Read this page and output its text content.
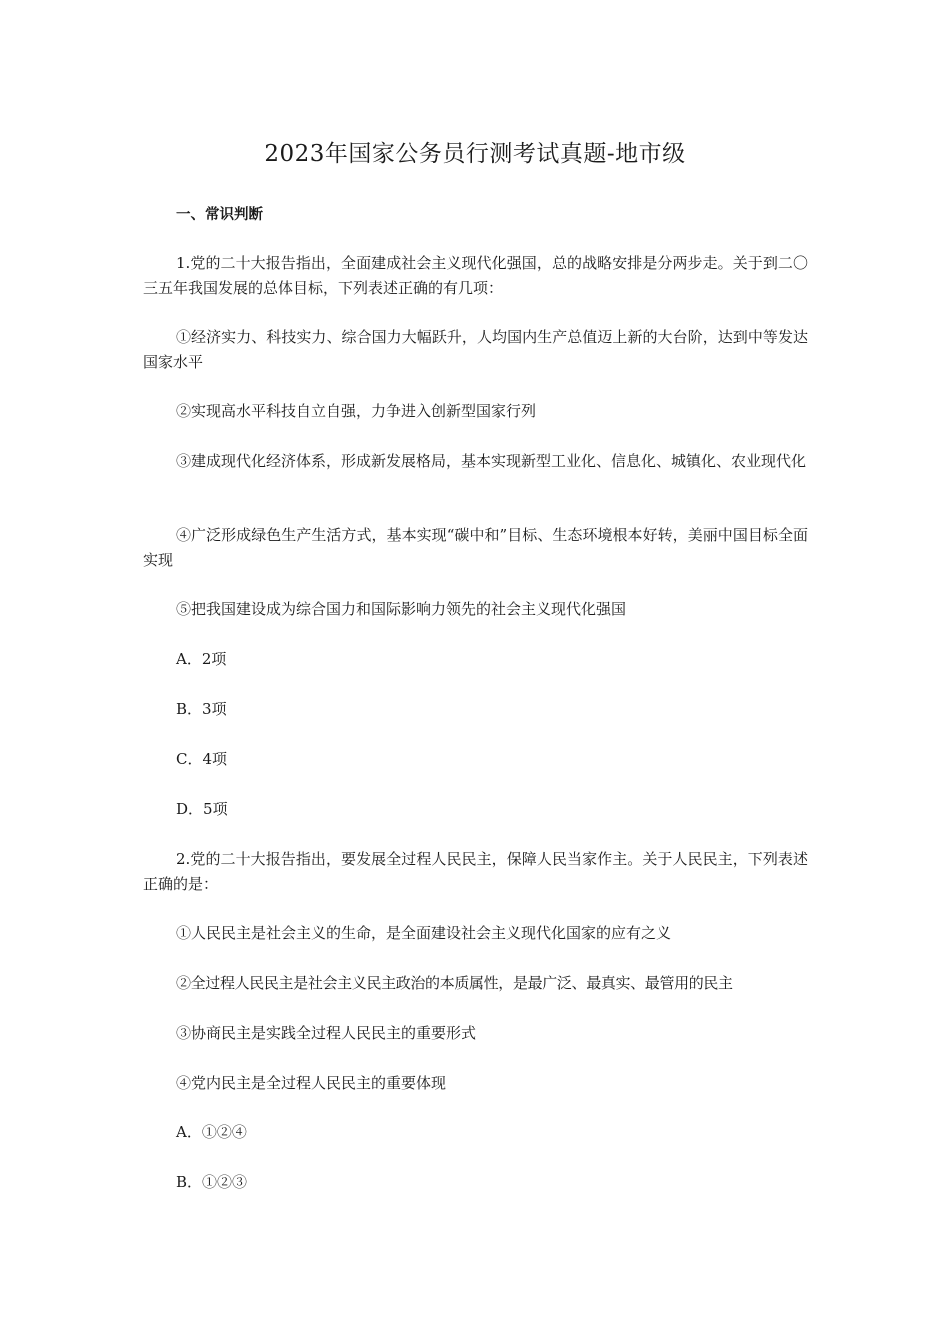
2023年国家公务员行测考试真题-地市级
一、常识判断

1.党的二十大报告指出，全面建成社会主义现代化强国，总的战略安排是分两步走。关于到二〇三五年我国发展的总体目标，下列表述正确的有几项：

①经济实力、科技实力、综合国力大幅跃升，人均国内生产总值迈上新的大台阶，达到中等发达国家水平

②实现高水平科技自立自强，力争进入创新型国家行列

③建成现代化经济体系，形成新发展格局，基本实现新型工业化、信息化、城镇化、农业现代化

④广泛形成绿色生产生活方式，基本实现“碳中和”目标、生态环境根本好转，美丽中国目标全面实现

⑤把我国建设成为综合国力和国际影响力领先的社会主义现代化强国

A．2项

B．3项

C．4项

D．5项

2.党的二十大报告指出，要发展全过程人民民主，保障人民当家作主。关于人民民主，下列表述正确的是：

①人民民主是社会主义的生命，是全面建设社会主义现代化国家的应有之义

②全过程人民民主是社会主义民主政治的本质属性，是最广泛、最真实、最管用的民主

③协商民主是实践全过程人民民主的重要形式

④党内民主是全过程人民民主的重要体现

A．①②④

B．①②③
